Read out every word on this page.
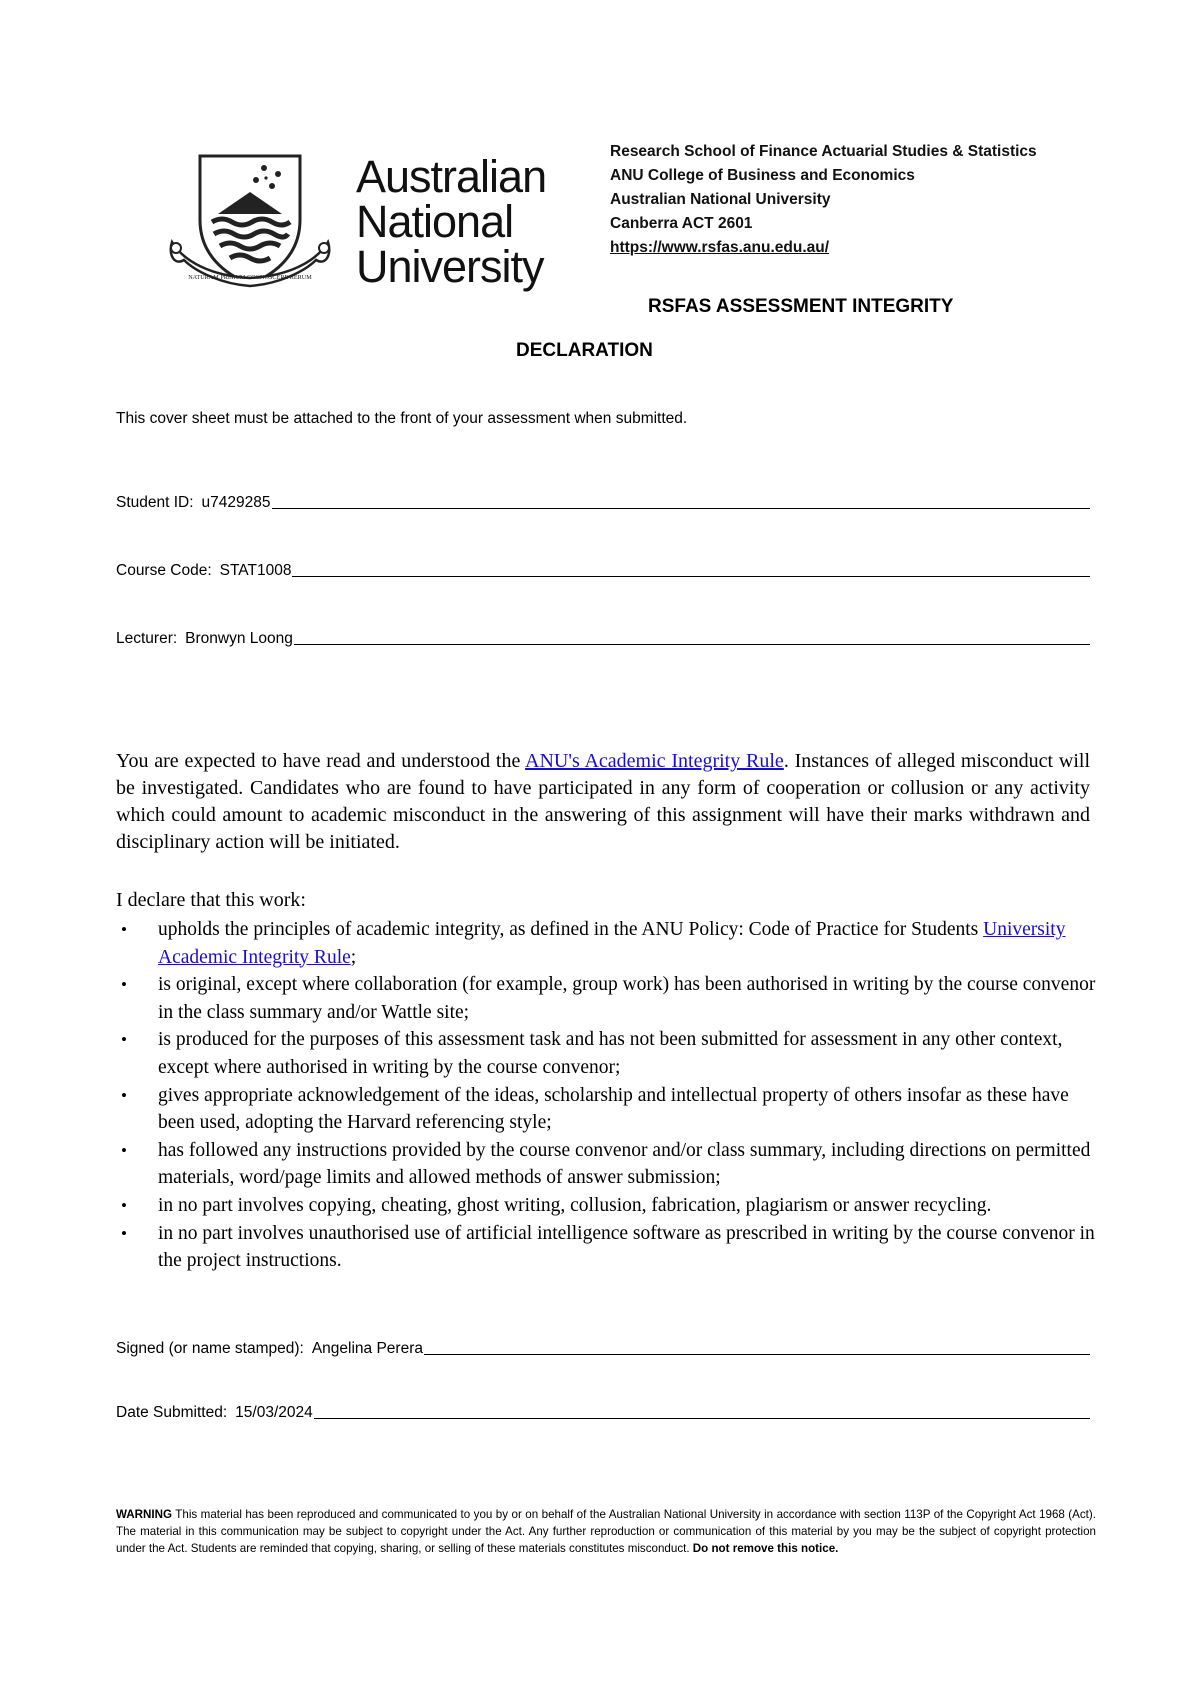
NATURAM PRIMUM COGNOSCERE RERUM
Australian
National
University
Research School of Finance Actuarial Studies & Statistics
ANU College of Business and Economics
Australian National University
Canberra ACT 2601
https://www.rsfas.anu.edu.au/
RSFAS ASSESSMENT INTEGRITY
DECLARATION
This cover sheet must be attached to the front of your assessment when submitted.
Student ID: u7429285
Course Code: STAT1008
Lecturer: Bronwyn Loong
You are expected to have read and understood the ANU's Academic Integrity Rule. Instances of alleged misconduct will be investigated. Candidates who are found to have participated in any form of cooperation or collusion or any activity which could amount to academic misconduct in the answering of this assignment will have their marks withdrawn and disciplinary action will be initiated.
I declare that this work:
• upholds the principles of academic integrity, as defined in the ANU Policy: Code of Practice for Students University Academic Integrity Rule;
• is original, except where collaboration (for example, group work) has been authorised in writing by the course convenor in the class summary and/or Wattle site;
• is produced for the purposes of this assessment task and has not been submitted for assessment in any other context, except where authorised in writing by the course convenor;
• gives appropriate acknowledgement of the ideas, scholarship and intellectual property of others insofar as these have been used, adopting the Harvard referencing style;
• has followed any instructions provided by the course convenor and/or class summary, including directions on permitted materials, word/page limits and allowed methods of answer submission;
• in no part involves copying, cheating, ghost writing, collusion, fabrication, plagiarism or answer recycling.
• in no part involves unauthorised use of artificial intelligence software as prescribed in writing by the course convenor in the project instructions.
Signed (or name stamped): Angelina Perera
Date Submitted: 15/03/2024
WARNING This material has been reproduced and communicated to you by or on behalf of the Australian National University in accordance with section 113P of the Copyright Act 1968 (Act). The material in this communication may be subject to copyright under the Act. Any further reproduction or communication of this material by you may be the subject of copyright protection under the Act. Students are reminded that copying, sharing, or selling of these materials constitutes misconduct. Do not remove this notice.
